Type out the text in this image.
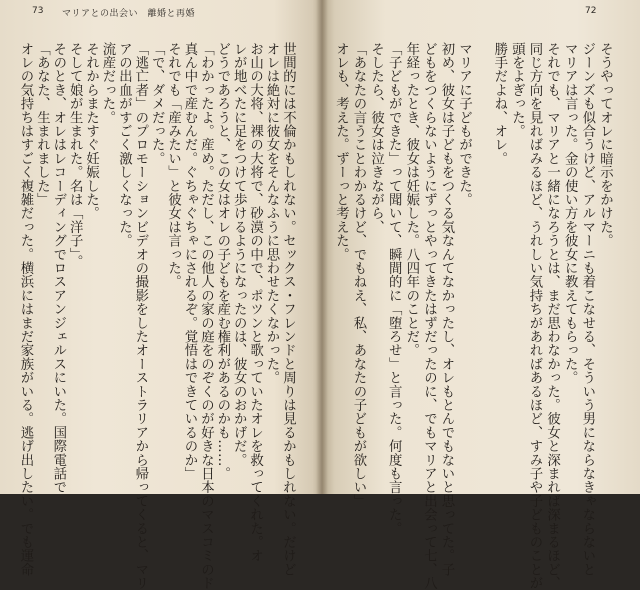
73 マリアとの出会い　離婚と再婚	72
世間的には不倫かもしれない。セックス・フレンドと周りは見るかもしれない。だけど
オレは絶対に彼女をそんなふうに思わせたくなかった。
お山の大将、裸の大将で、砂漠の中で、ポツンと歌っていたオレを救ってくれた。オ
レが地べたに足をつけて歩けるようになったのは、彼女のおかげだ。
どうであろうと、この女はオレの子どもを産む権利があるのかも……。
「わかったよ。産め。ただし、この他人の家の庭をのぞくのが好きな日本のマスコミのド
真ん中で産むんだ。ぐちゃぐちゃにされるぞ。覚悟はできているのか」
それでも「産みたい」と彼女は言った。
「で、ダメだった。
「逃亡者」のプロモーションビデオの撮影をしたオーストラリアから帰ってくると、マリ
アの出血がすごく激しくなった。
流産だった。
それからまたすぐ妊娠した。
そして娘が生まれた。名は「洋子」。
そのとき、オレはレコーディングでロスアンジェルスにいた。国際電話で
「あなた、生まれました」
オレの気持ちはすごく複雑だった。横浜にはまだ家族がいる。逃げ出したい。でも運命	そうやってオレに暗示をかけた。
ジーンズも似合うけど、アルマーニも着こなせる、そういう男にならなきゃならないと
マリアは言った。金の使い方を彼女に教えてもらった。
それでも、マリアと一緒になろうとは、まだ思わなかった。彼女と深まれば深まるほど、
同じ方向を見ればみるほど、うれしい気持ちがあればあるほど、すみ子や子どものことが
頭をよぎった。
勝手だよね、オレ。
マリアに子どもができた。
初め、彼女は子どもをつくる気なんてなかったし、オレもとんでもないと思ってた。子
どもをつくらないようにずっとやってきたはずだったのに、でもマリアと出会って七、八
年経ったとき、彼女は妊娠した。八四年のことだ。
「子どもができた」って聞いて、瞬間的に「堕ろせ」と言った。何度も言った。
そしたら、彼女は泣きながら、
「あなたの言うことわかるけど、でもねえ、私、あなたの子どもが欲しい」
オレも、考えた。ずーっと考えた。
